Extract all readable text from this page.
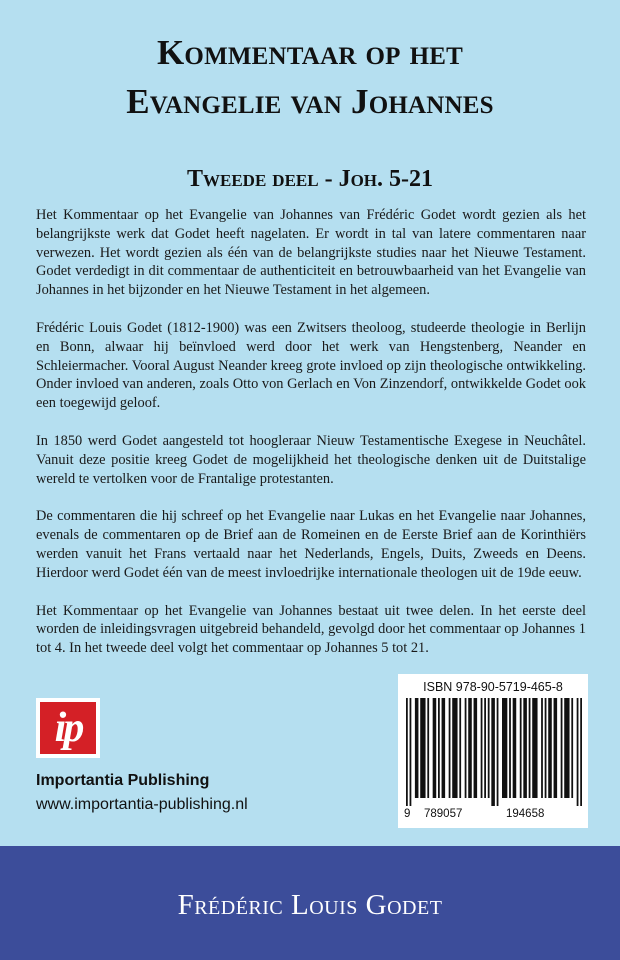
Kommentaar op het
Evangelie van Johannes
Tweede deel - Joh. 5-21

Het Kommentaar op het Evangelie van Johannes van Frédéric Godet wordt gezien als het belangrijkste werk dat Godet heeft nagelaten. Er wordt in tal van latere commentaren naar verwezen. Het wordt gezien als één van de belangrijkste studies naar het Nieuwe Testament. Godet verdedigt in dit commentaar de authenticiteit en betrouwbaarheid van het Evangelie van Johannes in het bijzonder en het Nieuwe Testament in het algemeen.

Frédéric Louis Godet (1812-1900) was een Zwitsers theoloog, studeerde theologie in Berlijn en Bonn, alwaar hij beïnvloed werd door het werk van Hengstenberg, Neander en Schleiermacher. Vooral August Neander kreeg grote invloed op zijn theologische ontwikkeling. Onder invloed van anderen, zoals Otto von Gerlach en Von Zinzendorf, ontwikkelde Godet ook een toegewijd geloof.

In 1850 werd Godet aangesteld tot hoogleraar Nieuw Testamentische Exegese in Neuchâtel. Vanuit deze positie kreeg Godet de mogelijkheid het theologische denken uit de Duitstalige wereld te vertolken voor de Frantalige protestanten.

De commentaren die hij schreef op het Evangelie naar Lukas en het Evangelie naar Johannes, evenals de commentaren op de Brief aan de Romeinen en de Eerste Brief aan de Korinthiërs werden vanuit het Frans vertaald naar het Nederlands, Engels, Duits, Zweeds en Deens. Hierdoor werd Godet één van de meest invloedrijke internationale theologen uit de 19de eeuw.

Het Kommentaar op het Evangelie van Johannes bestaat uit twee delen. In het eerste deel worden de inleidingsvragen uitgebreid behandeld, gevolgd door het commentaar op Johannes 1 tot 4. In het tweede deel volgt het commentaar op Johannes 5 tot 21.

ip
Importantia Publishing
www.importantia-publishing.nl
ISBN 978-90-5719-465-8
9 789057	194658
Frédéric Louis Godet
